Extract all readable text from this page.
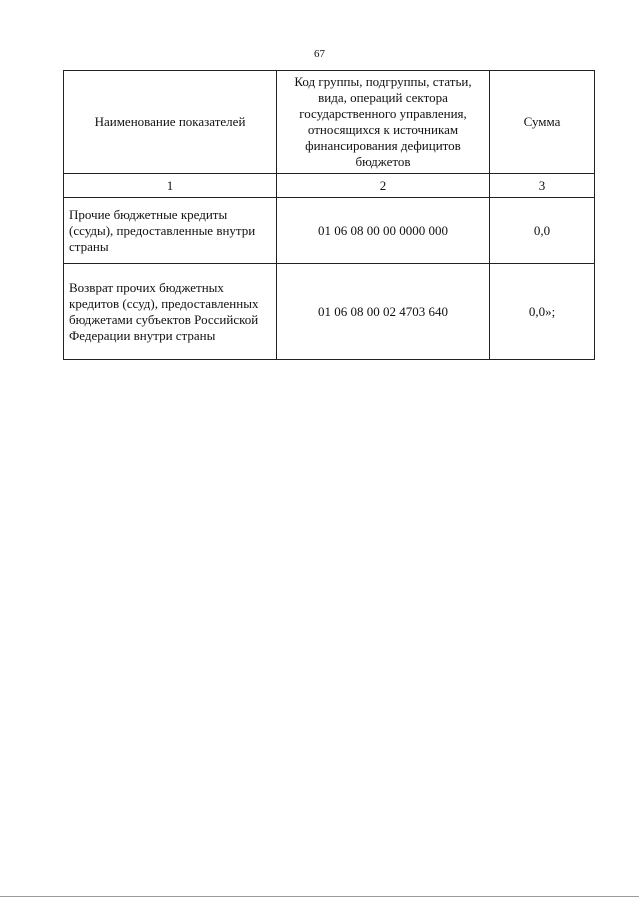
67
Наименование показателей	Код группы, подгруппы, статьи, вида, операций сектора государственного управления, относящихся к источникам финансирования дефицитов бюджетов	Сумма
1	2	3
Прочие бюджетные кредиты (ссуды), предоставленные внутри страны	01 06 08 00 00 0000 000	0,0
Возврат прочих бюджетных кредитов (ссуд), предоставленных бюджетами субъектов Российской Федерации внутри страны	01 06 08 00 02 4703 640	0,0»;
